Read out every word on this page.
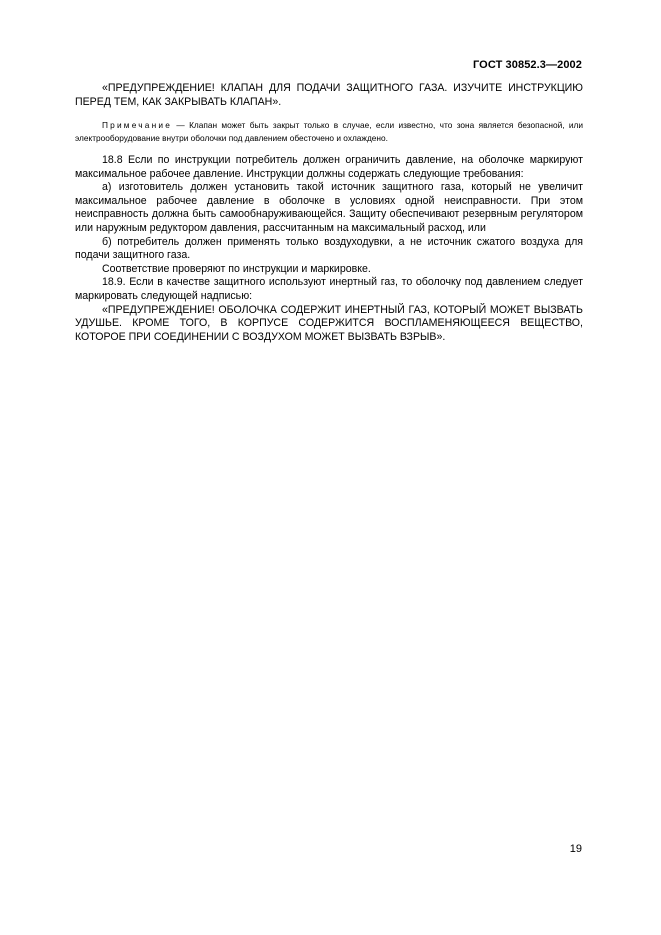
ГОСТ 30852.3—2002

«ПРЕДУПРЕЖДЕНИЕ! КЛАПАН ДЛЯ ПОДАЧИ ЗАЩИТНОГО ГАЗА. ИЗУЧИТЕ ИНСТРУКЦИЮ ПЕРЕД ТЕМ, КАК ЗАКРЫВАТЬ КЛАПАН».

Примечание — Клапан может быть закрыт только в случае, если известно, что зона является безопасной, или электрооборудование внутри оболочки под давлением обесточено и охлаждено.

18.8 Если по инструкции потребитель должен ограничить давление, на оболочке маркируют максимальное рабочее давление. Инструкции должны содержать следующие требования:

а) изготовитель должен установить такой источник защитного газа, который не увеличит максимальное рабочее давление в оболочке в условиях одной неисправности. При этом неисправность должна быть самообнаруживающейся. Защиту обеспечивают резервным регулятором или наружным редуктором давления, рассчитанным на максимальный расход, или

б) потребитель должен применять только воздуходувки, а не источник сжатого воздуха для подачи защитного газа.

Соответствие проверяют по инструкции и маркировке.

18.9. Если в качестве защитного используют инертный газ, то оболочку под давлением следует маркировать следующей надписью:

«ПРЕДУПРЕЖДЕНИЕ! ОБОЛОЧКА СОДЕРЖИТ ИНЕРТНЫЙ ГАЗ, КОТОРЫЙ МОЖЕТ ВЫЗВАТЬ УДУШЬЕ. КРОМЕ ТОГО, В КОРПУСЕ СОДЕРЖИТСЯ ВОСПЛАМЕНЯЮЩЕЕСЯ ВЕЩЕСТВО, КОТОРОЕ ПРИ СОЕДИНЕНИИ С ВОЗДУХОМ МОЖЕТ ВЫЗВАТЬ ВЗРЫВ».

19
